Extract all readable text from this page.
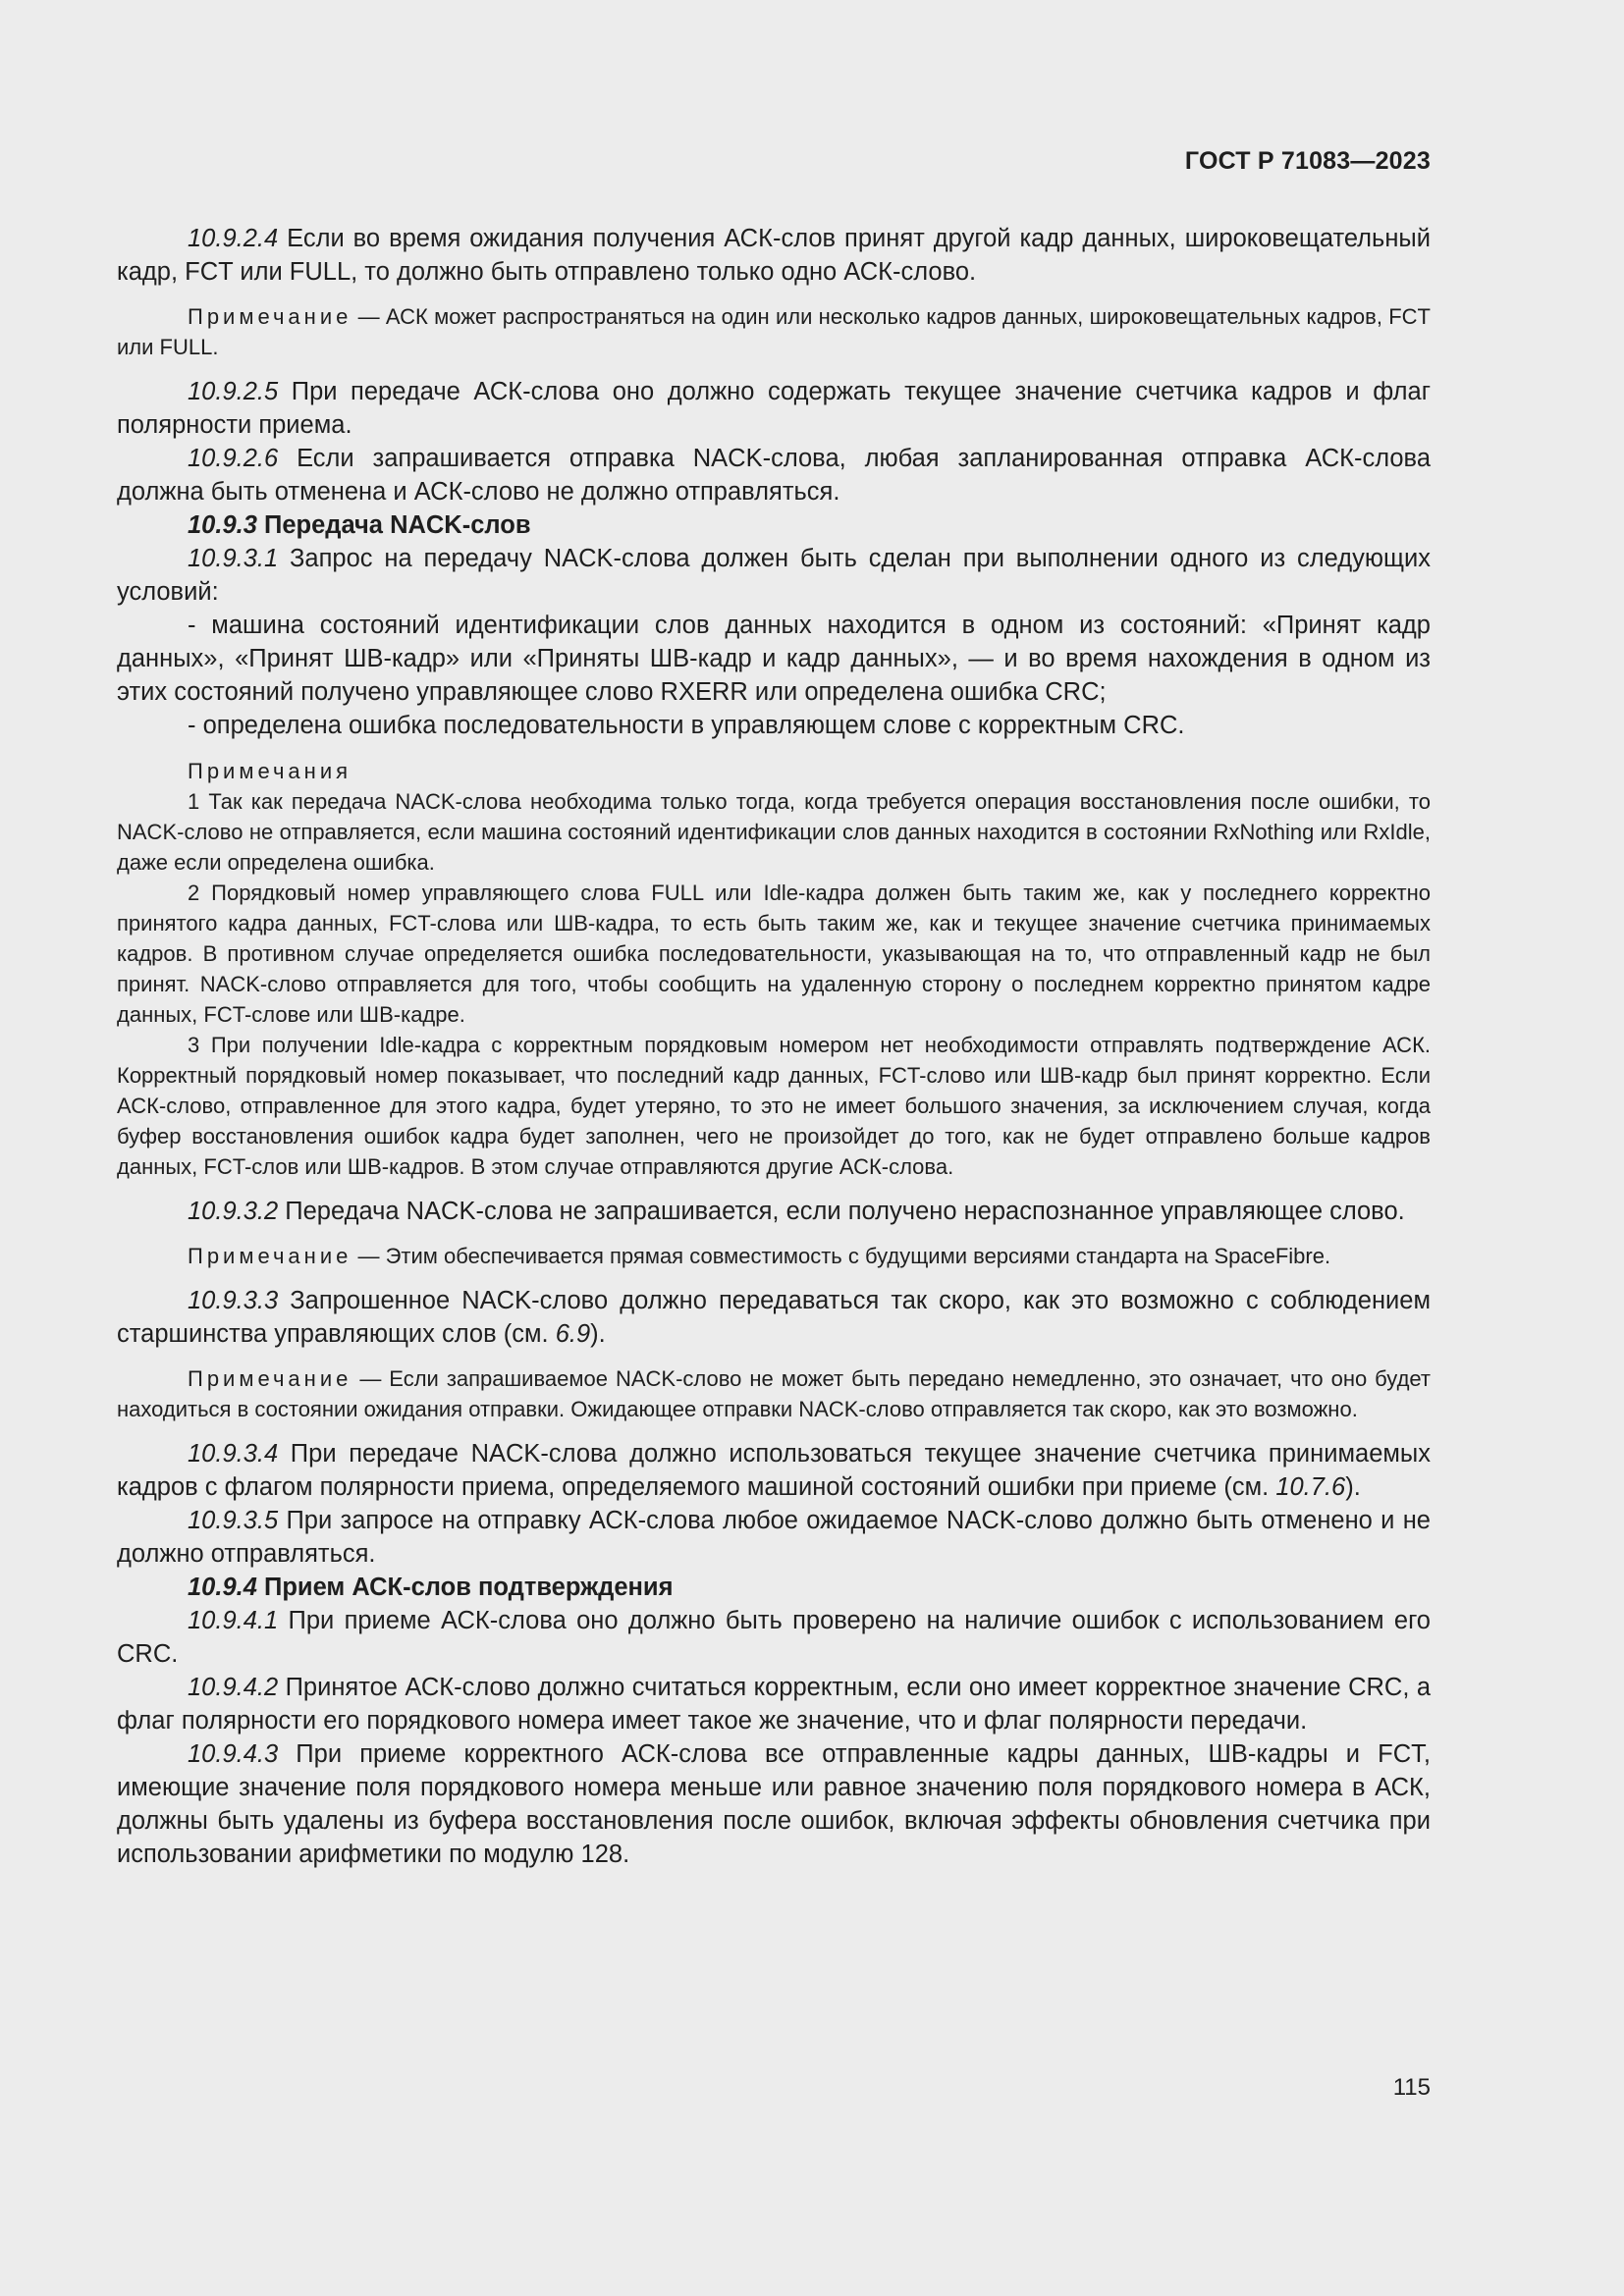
ГОСТ Р 71083—2023

10.9.2.4 Если во время ожидания получения АСК-слов принят другой кадр данных, широковещательный кадр, FCT или FULL, то должно быть отправлено только одно АСК-слово.

Примечание — АСК может распространяться на один или несколько кадров данных, широковещательных кадров, FCT или FULL.

10.9.2.5 При передаче АСК-слова оно должно содержать текущее значение счетчика кадров и флаг полярности приема.

10.9.2.6 Если запрашивается отправка NACK-слова, любая запланированная отправка АСК-слова должна быть отменена и АСК-слово не должно отправляться.

10.9.3 Передача NACK-слов

10.9.3.1 Запрос на передачу NACK-слова должен быть сделан при выполнении одного из следующих условий:

- машина состояний идентификации слов данных находится в одном из состояний: «Принят кадр данных», «Принят ШВ-кадр» или «Приняты ШВ-кадр и кадр данных», — и во время нахождения в одном из этих состояний получено управляющее слово RXERR или определена ошибка CRC;

- определена ошибка последовательности в управляющем слове с корректным CRC.

Примечания

1 Так как передача NACK-слова необходима только тогда, когда требуется операция восстановления после ошибки, то NACK-слово не отправляется, если машина состояний идентификации слов данных находится в состоянии RxNothing или RxIdle, даже если определена ошибка.

2 Порядковый номер управляющего слова FULL или Idle-кадра должен быть таким же, как у последнего корректно принятого кадра данных, FCT-слова или ШВ-кадра, то есть быть таким же, как и текущее значение счетчика принимаемых кадров. В противном случае определяется ошибка последовательности, указывающая на то, что отправленный кадр не был принят. NACK-слово отправляется для того, чтобы сообщить на удаленную сторону о последнем корректно принятом кадре данных, FCT-слове или ШВ-кадре.

3 При получении Idle-кадра с корректным порядковым номером нет необходимости отправлять подтверждение АСК. Корректный порядковый номер показывает, что последний кадр данных, FCT-слово или ШВ-кадр был принят корректно. Если АСК-слово, отправленное для этого кадра, будет утеряно, то это не имеет большого значения, за исключением случая, когда буфер восстановления ошибок кадра будет заполнен, чего не произойдет до того, как не будет отправлено больше кадров данных, FCT-слов или ШВ-кадров. В этом случае отправляются другие АСК-слова.

10.9.3.2 Передача NACK-слова не запрашивается, если получено нераспознанное управляющее слово.

Примечание — Этим обеспечивается прямая совместимость с будущими версиями стандарта на SpaceFibre.

10.9.3.3 Запрошенное NACK-слово должно передаваться так скоро, как это возможно с соблюдением старшинства управляющих слов (см. 6.9).

Примечание — Если запрашиваемое NACK-слово не может быть передано немедленно, это означает, что оно будет находиться в состоянии ожидания отправки. Ожидающее отправки NACK-слово отправляется так скоро, как это возможно.

10.9.3.4 При передаче NACK-слова должно использоваться текущее значение счетчика принимаемых кадров с флагом полярности приема, определяемого машиной состояний ошибки при приеме (см. 10.7.6).

10.9.3.5 При запросе на отправку АСК-слова любое ожидаемое NACK-слово должно быть отменено и не должно отправляться.

10.9.4 Прием АСК-слов подтверждения

10.9.4.1 При приеме АСК-слова оно должно быть проверено на наличие ошибок с использованием его CRC.

10.9.4.2 Принятое АСК-слово должно считаться корректным, если оно имеет корректное значение CRC, а флаг полярности его порядкового номера имеет такое же значение, что и флаг полярности передачи.

10.9.4.3 При приеме корректного АСК-слова все отправленные кадры данных, ШВ-кадры и FCT, имеющие значение поля порядкового номера меньше или равное значению поля порядкового номера в АСК, должны быть удалены из буфера восстановления после ошибок, включая эффекты обновления счетчика при использовании арифметики по модулю 128.

115
